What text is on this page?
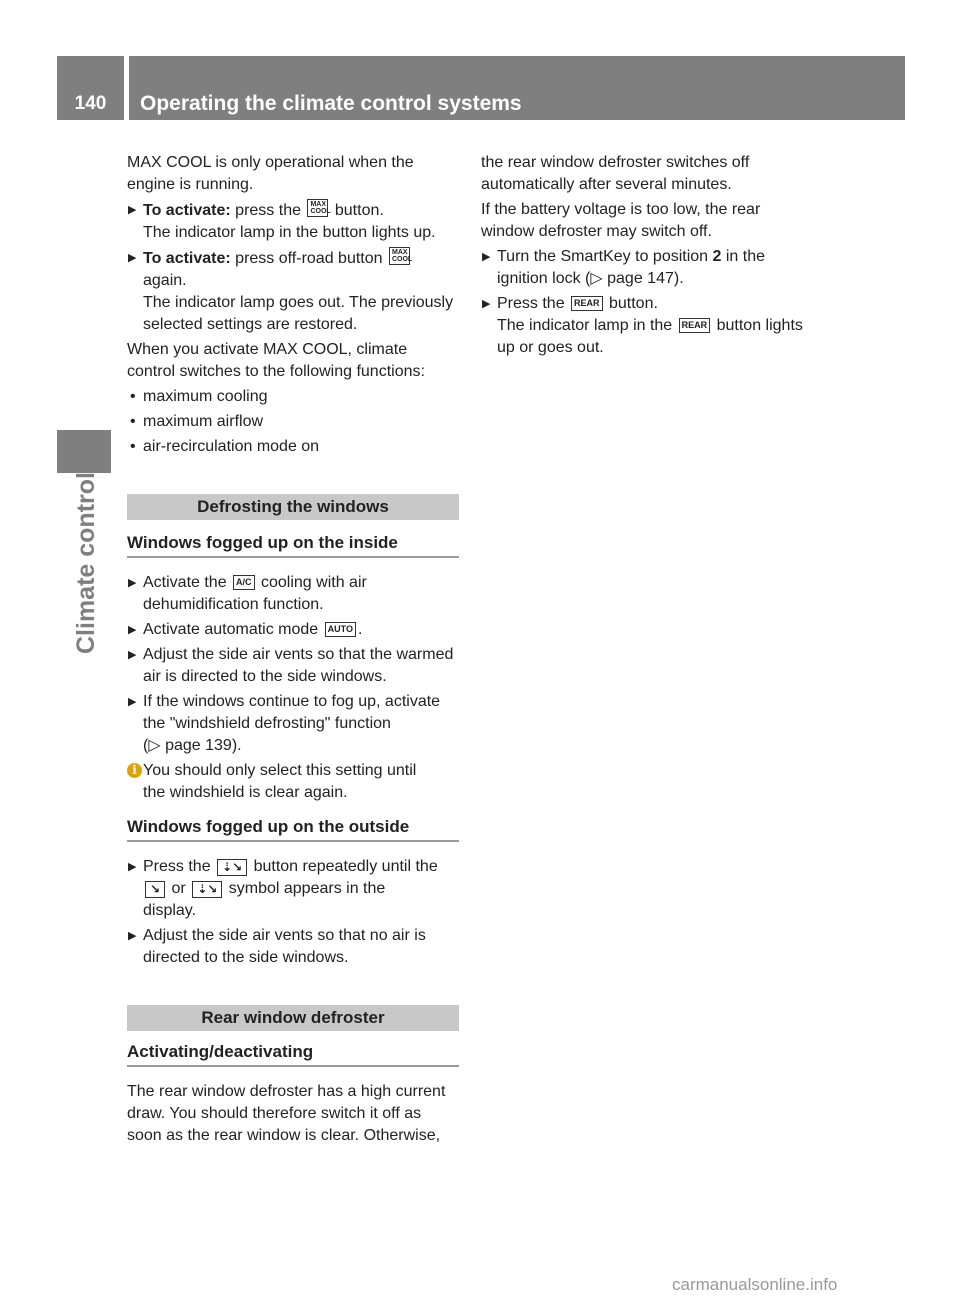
140	Operating the climate control systems
Climate control
MAX COOL is only operational when the
engine is running.
▶ To activate: press the MAX COOL button.
The indicator lamp in the button lights up.
▶ To activate: press off-road button MAX COOL
again.
The indicator lamp goes out. The previously
selected settings are restored.
When you activate MAX COOL, climate
control switches to the following functions:
• maximum cooling
• maximum airflow
• air-recirculation mode on
Defrosting the windows
Windows fogged up on the inside
▶ Activate the A/C cooling with air
dehumidification function.
▶ Activate automatic mode AUTO .
▶ Adjust the side air vents so that the warmed
air is directed to the side windows.
▶ If the windows continue to fog up, activate
the "windshield defrosting" function
(▷ page 139).
i You should only select this setting until
the windshield is clear again.
Windows fogged up on the outside
▶ Press the ⇣↘ button repeatedly until the
↘ or ⇣↘ symbol appears in the
display.
▶ Adjust the side air vents so that no air is
directed to the side windows.
Rear window defroster
Activating/deactivating
The rear window defroster has a high current
draw. You should therefore switch it off as
soon as the rear window is clear. Otherwise,
the rear window defroster switches off
automatically after several minutes.
If the battery voltage is too low, the rear
window defroster may switch off.
▶ Turn the SmartKey to position 2 in the
ignition lock (▷ page 147).
▶ Press the REAR button.
The indicator lamp in the REAR button lights
up or goes out.
carmanualsonline.info
